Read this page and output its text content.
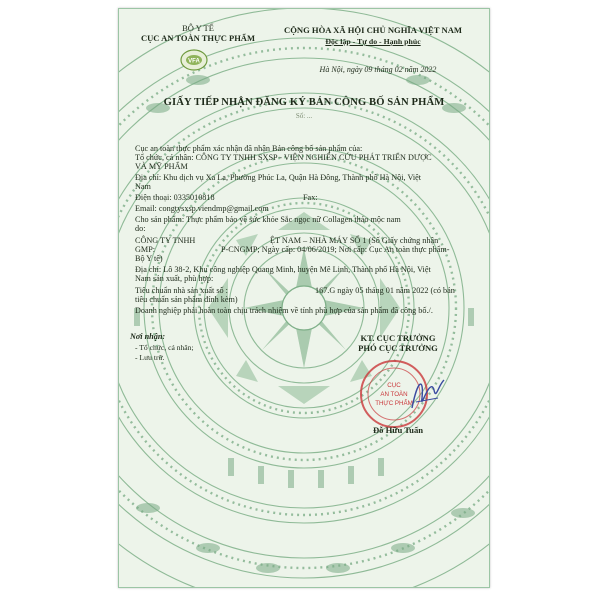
BỘ Y TẾ
CỤC AN TOÀN THỰC PHẨM
VFA
CỘNG HÒA XÃ HỘI CHỦ NGHĨA VIỆT NAM
Độc lập - Tự do - Hạnh phúc
Hà Nội, ngày 09 tháng 02 năm 2022
GIẤY TIẾP NHẬN ĐĂNG KÝ BẢN CÔNG BỐ SẢN PHẨM
Số: ...
Cục an toàn thực phẩm xác nhận đã nhận Bản công bố sản phẩm của:
Tổ chức, cá nhân: CÔNG TY TNHH SXSP - VIỆN NGHIÊN CỨU PHÁT TRIỂN DƯỢC
VÀ MỸ PHẨM
Địa chỉ: Khu dịch vụ Xa La, Phường Phúc La, Quận Hà Đông, Thành phố Hà Nội, Việt
Nam
Điện thoại: 0335010818	Fax:
Email: congtysxsp.viendmp@gmail.com
Cho sản phẩm: Thực phẩm bảo vệ sức khỏe Sắc ngọc nữ Collagen thảo mộc nam
do:
CÔNG TY TNHH	ỆT NAM – NHÀ MÁY SỐ 1 (Số Giấy chứng nhận
GMP:	P-CNGMP; Ngày cấp: 04/06/2019; Nơi cấp: Cục An toàn thực phẩm-
Bộ Y tế)
Địa chỉ: Lô 38-2, Khu công nghiệp Quang Minh, huyện Mê Linh, Thành phố Hà Nội, Việt
Nam sản xuất, phù hợp:
Tiêu chuẩn nhà sản xuất số :	167.G ngày 05 tháng 01 năm 2022 (có bản
tiêu chuẩn sản phẩm đính kèm)
Doanh nghiệp phải hoàn toàn chịu trách nhiệm về tính phù hợp của sản phẩm đã công bố./.
Nơi nhận:
- Tổ chức, cá nhân;
- Lưu trữ.
KT. CỤC TRƯỞNG
PHÓ CỤC TRƯỞNG
CỤC
AN TOÀN
THỰC PHẨM
Đỗ Hữu Tuấn
